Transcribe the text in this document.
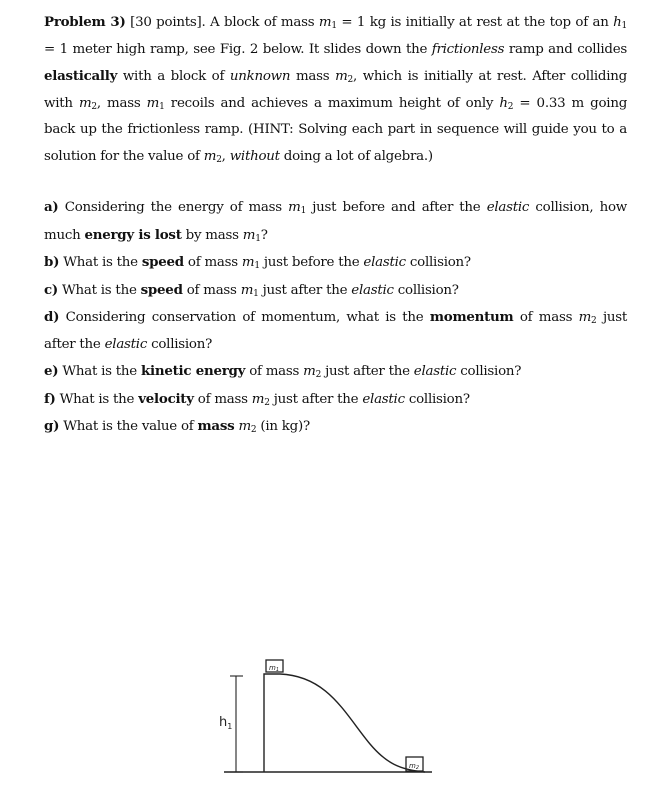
Problem 3) [30 points]. A block of mass $m_1 = 1$ kg is initially at rest at the top of an $h_1 = 1$ meter high ramp, see Fig. 2 below. It slides down the frictionless ramp and collides elastically with a block of unknown mass $m_2$, which is initially at rest. After colliding with $m_2$, mass $m_1$ recoils and achieves a maximum height of only $h_2 = 0.33$ m going back up the frictionless ramp. (HINT: Solving each part in sequence will guide you to a solution for the value of $m_2$, without doing a lot of algebra.)

a) Considering the energy of mass $m_1$ just before and after the elastic collision, how much energy is lost by mass $m_1$?

b) What is the speed of mass $m_1$ just before the elastic collision?

c) What is the speed of mass $m_1$ just after the elastic collision?

d) Considering conservation of momentum, what is the momentum of mass $m_2$ just after the elastic collision?

e) What is the kinetic energy of mass $m_2$ just after the elastic collision?

f) What is the velocity of mass $m_2$ just after the elastic collision?

g) What is the value of mass $m_2$ (in kg)?

m1
m2
$h_1$
